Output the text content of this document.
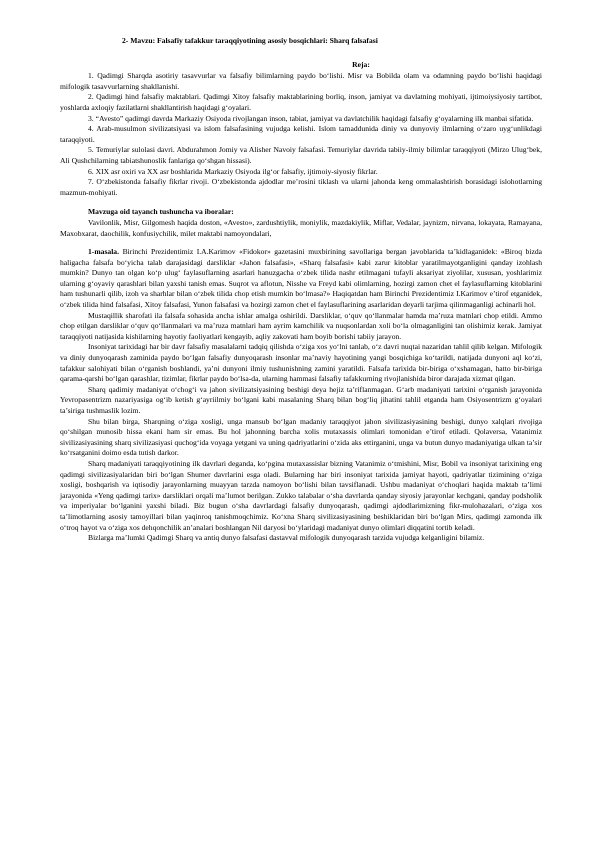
2- Mavzu: Falsafiy tafakkur taraqqiyotining asosiy bosqichlari: Sharq falsafasi
Reja:

1. Qadimgi Sharqda asotiriy tasavvurlar va falsafiy bilimlarning paydo bo‘lishi. Misr va Bobilda olam va odamning paydo bo‘lishi haqidagi mifologik tasavvurlarning shakllanishi.

2. Qadimgi hind falsafiy maktablari. Qadimgi Xitoy falsafiy maktablarining borliq, inson, jamiyat va davlatning mohiyati, ijtimoiysiyosiy tartibot, yoshlarda axloqiy fazilatlarni shakllantirish haqidagi g‘oyalari.

3. “Avesto” qadimgi davrda Markaziy Osiyoda rivojlangan inson, tabiat, jamiyat va davlatchilik haqidagi falsafiy g‘oyalarning ilk manbai sifatida.

4. Arab-musulmon sivilizatsiyasi va islom falsafasining vujudga kelishi. Islom tamaddunida diniy va dunyoviy ilmlarning o‘zaro uyg‘unlikdagi taraqqiyoti.

5. Temuriylar sulolasi davri. Abdurahmon Jomiy va Alisher Navoiy falsafasi. Temuriylar davrida tabiiy-ilmiy bilimlar taraqqiyoti (Mirzo Ulug‘bek, Ali Qushchilarning tabiatshunoslik fanlariga qo‘shgan hissasi).

6. XIX asr oxiri va XX asr boshlarida Markaziy Osiyoda ilg‘or falsafiy, ijtimoiy-siyosiy fikrlar.

7. O‘zbekistonda falsafiy fikrlar rivoji. O‘zbekistonda ajdodlar me’rosini tiklash va ularni jahonda keng ommalashtirish borasidagi islohotlarning mazmun-mohiyati.

Mavzuga oid tayanch tushuncha va iboralar:

Vavilonlik, Misr, Gilgomesh haqida doston, «Avesto», zardushtiylik, moniylik, mazdakiylik, Miflar, Vedalar, jaynizm, nirvana, lokayata, Ramayana, Maxobxarat, daochilik, konfusiychilik, milet maktabi namoyondalari,

1-masala. Birinchi Prezidentimiz I.A.Karimov «Fidokor» gazetasini muxbirining savollariga bergan javoblarida ta’kidlaganidek: «Biroq bizda haligacha falsafa bo‘yicha talab darajasidagi darsliklar «Jahon falsafasi», «Sharq falsafasi» kabi zarur kitoblar yaratilmayotganligini qanday izohlash mumkin? Dunyo tan olgan ko‘p ulug‘ faylasuflarning asarlari hanuzgacha o‘zbek tilida nashr etilmagani tufayli aksariyat ziyolilar, xususan, yoshlarimiz ularning g‘oyaviy qarashlari bilan yaxshi tanish emas. Suqrot va aflotun, Nisshe va Freyd kabi olimlarning, hozirgi zamon chet el faylasuflarning kitoblarini ham tushunarli qilib, izoh va sharhlar bilan o‘zbek tilida chop etish mumkin bo‘lmasa?» Haqiqatdan ham Birinchi Prezidentimiz I.Karimov e’tirof etganidek, o‘zbek tilida hind falsafasi, Xitoy falsafasi, Yunon falsafasi va hozirgi zamon chet el faylasuflarining asarlaridan deyarli tarjima qilinmaganligi achinarli hol.

Mustaqillik sharofati ila falsafa sohasida ancha ishlar amalga oshirildi. Darsliklar, o‘quv qo‘llanmalar hamda ma’ruza matnlari chop etildi. Ammo chop etilgan darsliklar o‘quv qo‘llanmalari va ma’ruza matnlari ham ayrim kamchilik va nuqsonlardan xoli bo‘la olmaganligini tan olishimiz kerak. Jamiyat taraqqiyoti natijasida kishilarning hayotiy faoliyatlari kengayib, aqliy zakovati ham boyib borishi tabiiy jarayon.

Insoniyat tarixidagi har bir davr falsafiy masalalarni tadqiq qilishda o‘ziga xos yo‘lni tanlab, o‘z davri nuqtai nazaridan tahlil qilib kelgan. Mifologik va diniy dunyoqarash zaminida paydo bo‘lgan falsafiy dunyoqarash insonlar ma’naviy hayotining yangi bosqichiga ko‘tarildi, natijada dunyoni aql ko‘zi, tafakkur salohiyati bilan o‘rganish boshlandi, ya’ni dunyoni ilmiy tushunishning zamini yaratildi. Falsafa tarixida bir-biriga o‘xshamagan, hatto bir-biriga qarama-qarshi bo‘lgan qarashlar, tizimlar, fikrlar paydo bo‘lsa-da, ularning hammasi falsafiy tafakkurning rivojlanishida biror darajada xizmat qilgan.

Sharq qadimiy madaniyat o‘chog‘i va jahon sivilizatsiyasining beshigi deya hejiz ta’riflanmagan. G‘arb madaniyati tarixini o‘rganish jarayonida Yevropasentrizm nazariyasiga og‘ib ketish g‘ayriilmiy bo‘lgani kabi masalaning Sharq bilan bog‘liq jihatini tahlil etganda ham Osiyosentrizm g‘oyalari ta’siriga tushmaslik lozim.

Shu bilan birga, Sharqning o‘ziga xosligi, unga mansub bo‘lgan madaniy taraqqiyot jahon sivilizasiyasining beshigi, dunyo xalqlari rivojiga qo‘shilgan munosib hissa ekani ham sir emas. Bu hol jahonning barcha xolis mutaxassis olimlari tomonidan e’tirof etiladi. Qolaversa, Vatanimiz sivilizasiyasining sharq sivilizasiyasi quchog‘ida voyaga yetgani va uning qadriyatlarini o‘zida aks ettirganini, unga va butun dunyo madaniyatiga ulkan ta’sir ko‘rsatganini doimo esda tutish darkor.

Sharq madaniyati taraqqiyotining ilk davrlari deganda, ko‘pgina mutaxassislar bizning Vatanimiz o‘tmishini, Misr, Bobil va insoniyat tarixining eng qadimgi sivilizasiyalaridan biri bo‘lgan Shumer davrlarini esga oladi. Bularning har biri insoniyat tarixida jamiyat hayoti, qadriyatlar tizimining o‘ziga xosligi, boshqarish va iqtisodiy jarayonlarning muayyan tarzda namoyon bo‘lishi bilan tavsiflanadi. Ushbu madaniyat o‘choqlari haqida maktab ta’limi jarayonida «Yeng qadimgi tarix» darsliklari orqali ma’lumot berilgan. Zukko talabalar o‘sha davrlarda qanday siyosiy jarayonlar kechgani, qanday podsholik va imperiyalar bo‘lganini yaxshi biladi. Biz bugun o‘sha davrlardagi falsafiy dunyoqarash, qadimgi ajdodlarimizning fikr-mulohazalari, o‘ziga xos ta’limotlarning asosiy tamoyillari bilan yaqinroq tanishmoqchimiz. Ko‘xna Sharq sivilizasiyasining beshiklaridan biri bo‘lgan Mirs, qadimgi zamonda ilk o‘troq hayot va o‘ziga xos dehqonchilik an’analari boshlangan Nil daryosi bo‘ylaridagi madaniyat dunyo olimlari diqqatini tortib keladi.

Bizlarga ma’lumki Qadimgi Sharq va antiq dunyo falsafasi dastavval mifologik dunyoqarash tarzida vujudga kelganligini bilamiz.
